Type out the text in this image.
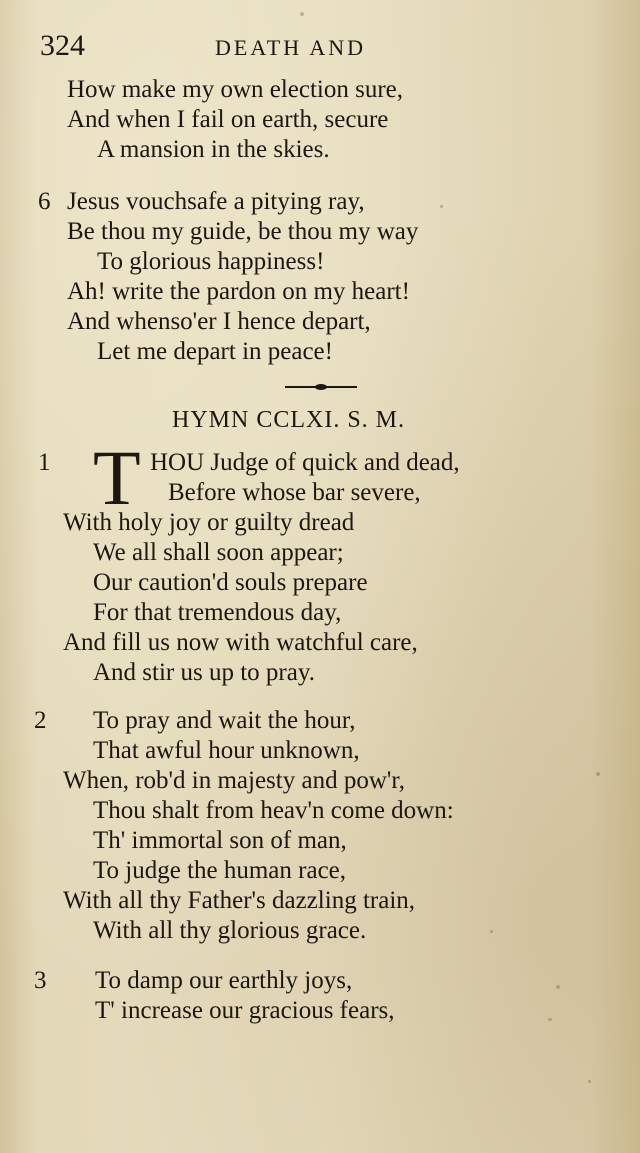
324	DEATH AND
How make my own election sure,
And when I fail on earth, secure
A mansion in the skies.
6 Jesus vouchsafe a pitying ray,
Be thou my guide, be thou my way
To glorious happiness!
Ah! write the pardon on my heart!
And whenso'er I hence depart,
Let me depart in peace!
HYMN CCLXI. S. M.
1 T HOU Judge of quick and dead,
Before whose bar severe,
With holy joy or guilty dread
We all shall soon appear;
Our caution'd souls prepare
For that tremendous day,
And fill us now with watchful care,
And stir us up to pray.
2 To pray and wait the hour,
That awful hour unknown,
When, rob'd in majesty and pow'r,
Thou shalt from heav'n come down:
Th' immortal son of man,
To judge the human race,
With all thy Father's dazzling train,
With all thy glorious grace.
3 To damp our earthly joys,
T' increase our gracious fears,
